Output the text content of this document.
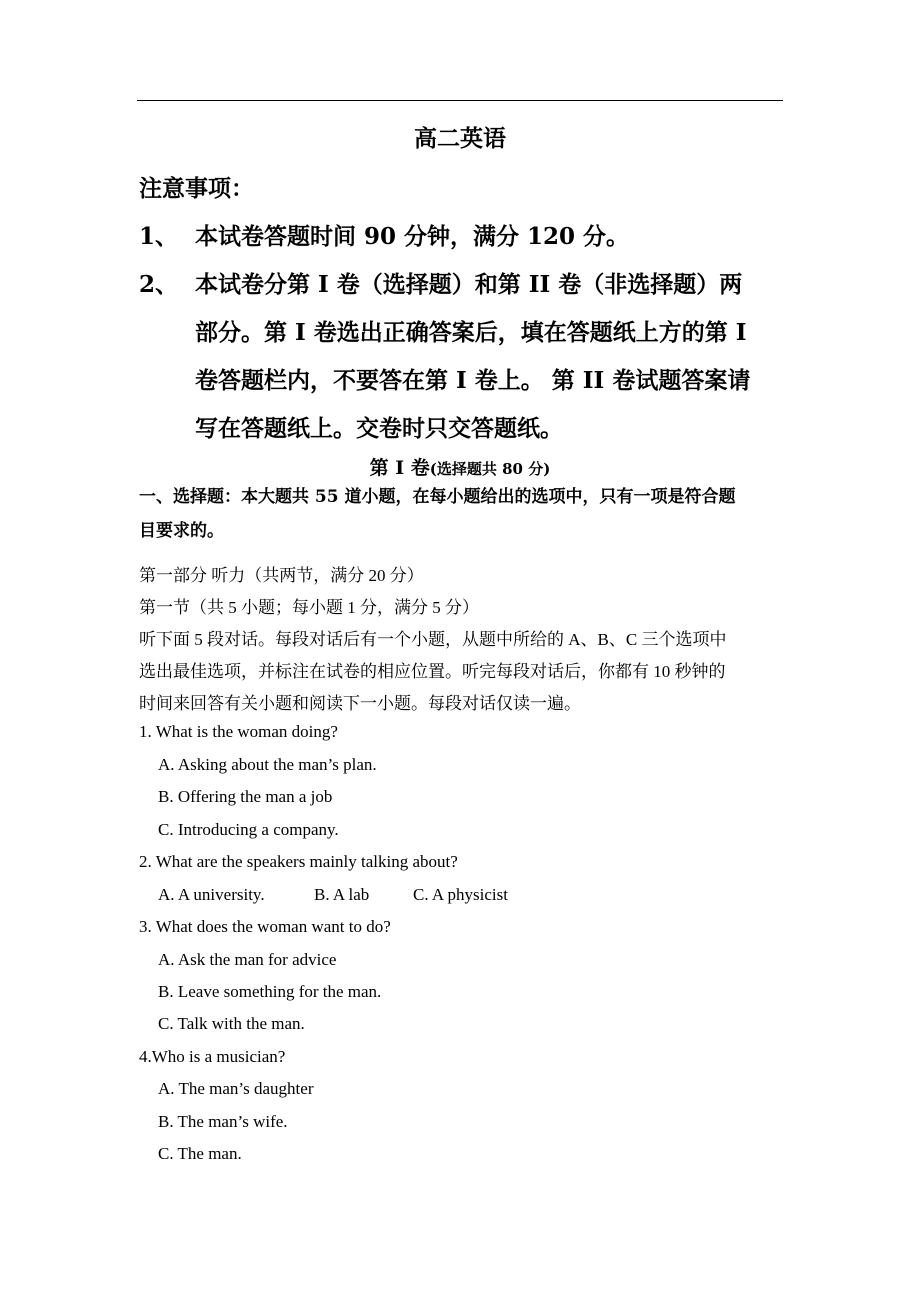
高二英语
注意事项：
1、 本试卷答题时间 90 分钟，满分 120 分。
2、 本试卷分第 I 卷（选择题）和第 II 卷（非选择题）两
部分。第 I 卷选出正确答案后，填在答题纸上方的第 I
卷答题栏内，不要答在第 I 卷上。 第 II 卷试题答案请
写在答题纸上。交卷时只交答题纸。
第 I 卷(选择题共 80 分)
一、选择题：本大题共 55 道小题，在每小题给出的选项中，只有一项是符合题
目要求的。
第一部分 听力（共两节，满分 20 分）
第一节（共 5 小题；每小题 1 分，满分 5 分）
听下面 5 段对话。每段对话后有一个小题，从题中所给的 A、B、C 三个选项中
选出最佳选项，并标注在试卷的相应位置。听完每段对话后，你都有 10 秒钟的
时间来回答有关小题和阅读下一小题。每段对话仅读一遍。
1. What is the woman doing?
A. Asking about the man’s plan.
B. Offering the man a job
C. Introducing a company.
2. What are the speakers mainly talking about?
A. A university.	B. A lab	C. A physicist
3. What does the woman want to do?
A. Ask the man for advice
B. Leave something for the man.
C. Talk with the man.
4.Who is a musician?
A. The man’s daughter
B. The man’s wife.
C. The man.
